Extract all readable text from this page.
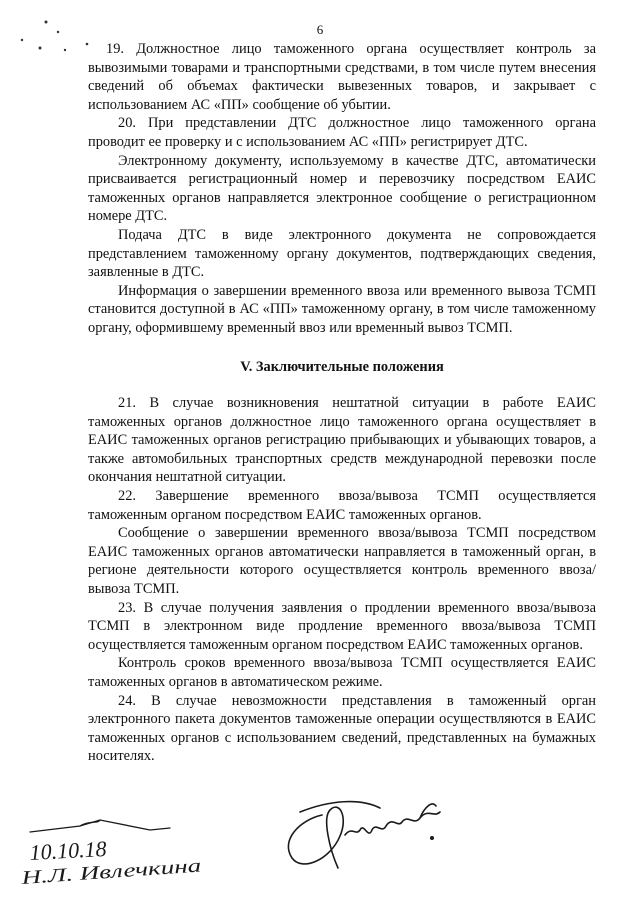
6

19. Должностное лицо таможенного органа осуществляет контроль за вывозимыми товарами и транспортными средствами, в том числе путем внесения сведений об объемах фактически вывезенных товаров, и закрывает с использованием АС «ПП» сообщение об убытии.

20. При представлении ДТС должностное лицо таможенного органа проводит ее проверку и с использованием АС «ПП» регистрирует ДТС.

Электронному документу, используемому в качестве ДТС, автоматически присваивается регистрационный номер и перевозчику посредством ЕАИС таможенных органов направляется электронное сообщение о регистрационном номере ДТС.

Подача ДТС в виде электронного документа не сопровождается представлением таможенному органу документов, подтверждающих сведения, заявленные в ДТС.

Информация о завершении временного ввоза или временного вывоза ТСМП становится доступной в АС «ПП» таможенному органу, в том числе таможенному органу, оформившему временный ввоз или временный вывоз ТСМП.

V. Заключительные положения

21. В случае возникновения нештатной ситуации в работе ЕАИС таможенных органов должностное лицо таможенного органа осуществляет в ЕАИС таможенных органов регистрацию прибывающих и убывающих товаров, а также автомобильных транспортных средств международной перевозки после окончания нештатной ситуации.

22. Завершение временного ввоза/вывоза ТСМП осуществляется таможенным органом посредством ЕАИС таможенных органов.

Сообщение о завершении временного ввоза/вывоза ТСМП посредством ЕАИС таможенных органов автоматически направляется в таможенный орган, в регионе деятельности которого осуществляется контроль временного ввоза/вывоза ТСМП.

23. В случае получения заявления о продлении временного ввоза/вывоза ТСМП в электронном виде продление временного ввоза/вывоза ТСМП осуществляется таможенным органом посредством ЕАИС таможенных органов.

Контроль сроков временного ввоза/вывоза ТСМП осуществляется ЕАИС таможенных органов в автоматическом режиме.

24. В случае невозможности представления в таможенный орган электронного пакета документов таможенные операции осуществляются в ЕАИС таможенных органов с использованием сведений, представленных на бумажных носителях.

10.10.18
Н.Л. Ивлечкина
